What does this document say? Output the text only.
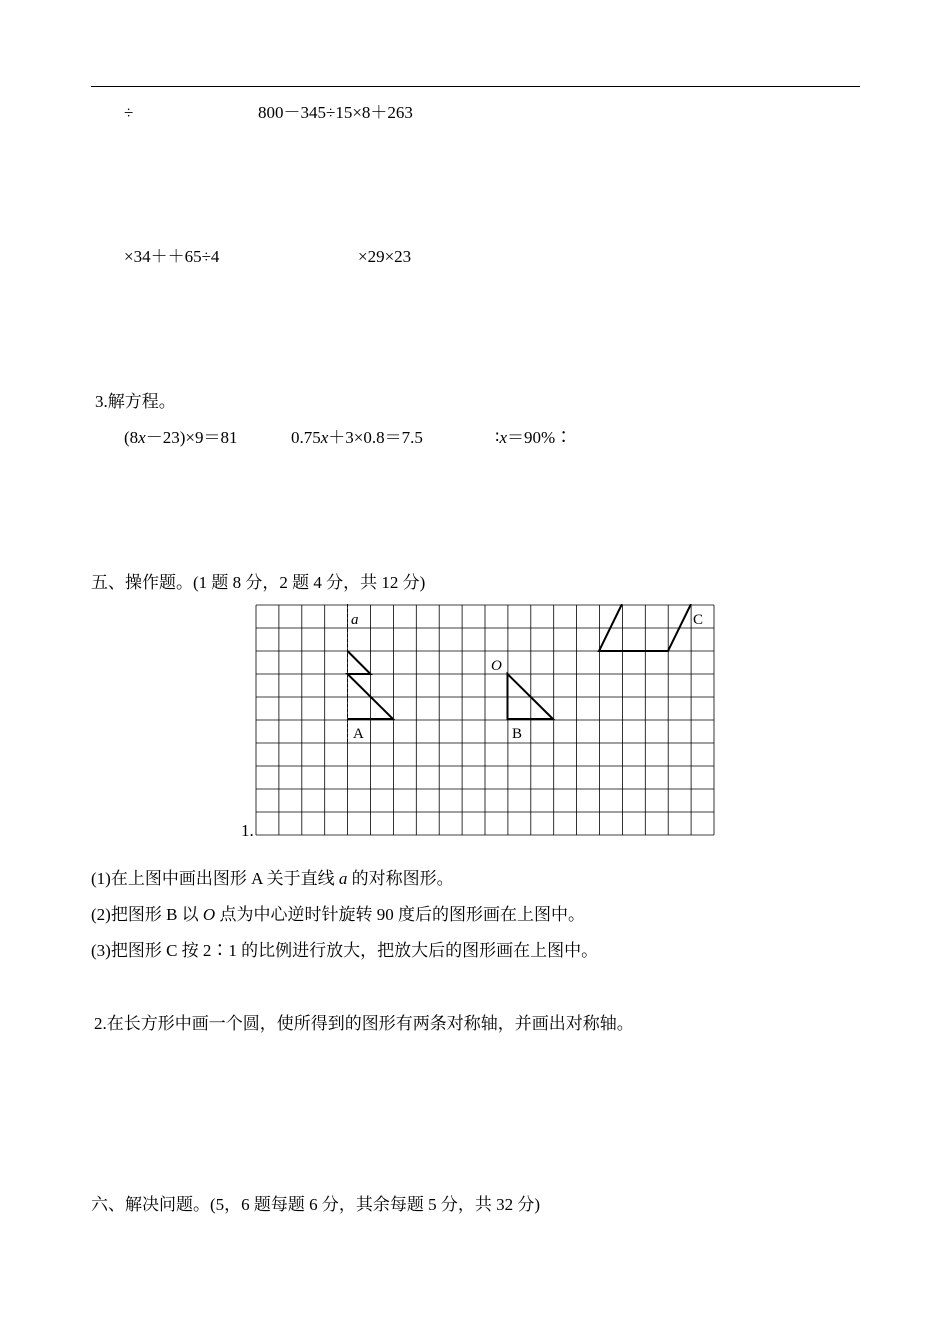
÷	800－345÷15×8＋263
×34＋＋65÷4	×29×23
3.解方程。
(8x－23)×9＝81	0.75x＋3×0.8＝7.5	∶x＝90%∶
五、操作题。(1 题 8 分，2 题 4 分，共 12 分)
1.
a
A
O
B
C
(1)在上图中画出图形 A 关于直线 a 的对称图形。
(2)把图形 B 以 O 点为中心逆时针旋转 90 度后的图形画在上图中。
(3)把图形 C 按 2∶1 的比例进行放大，把放大后的图形画在上图中。
2.在长方形中画一个圆，使所得到的图形有两条对称轴，并画出对称轴。
六、解决问题。(5，6 题每题 6 分，其余每题 5 分，共 32 分)
